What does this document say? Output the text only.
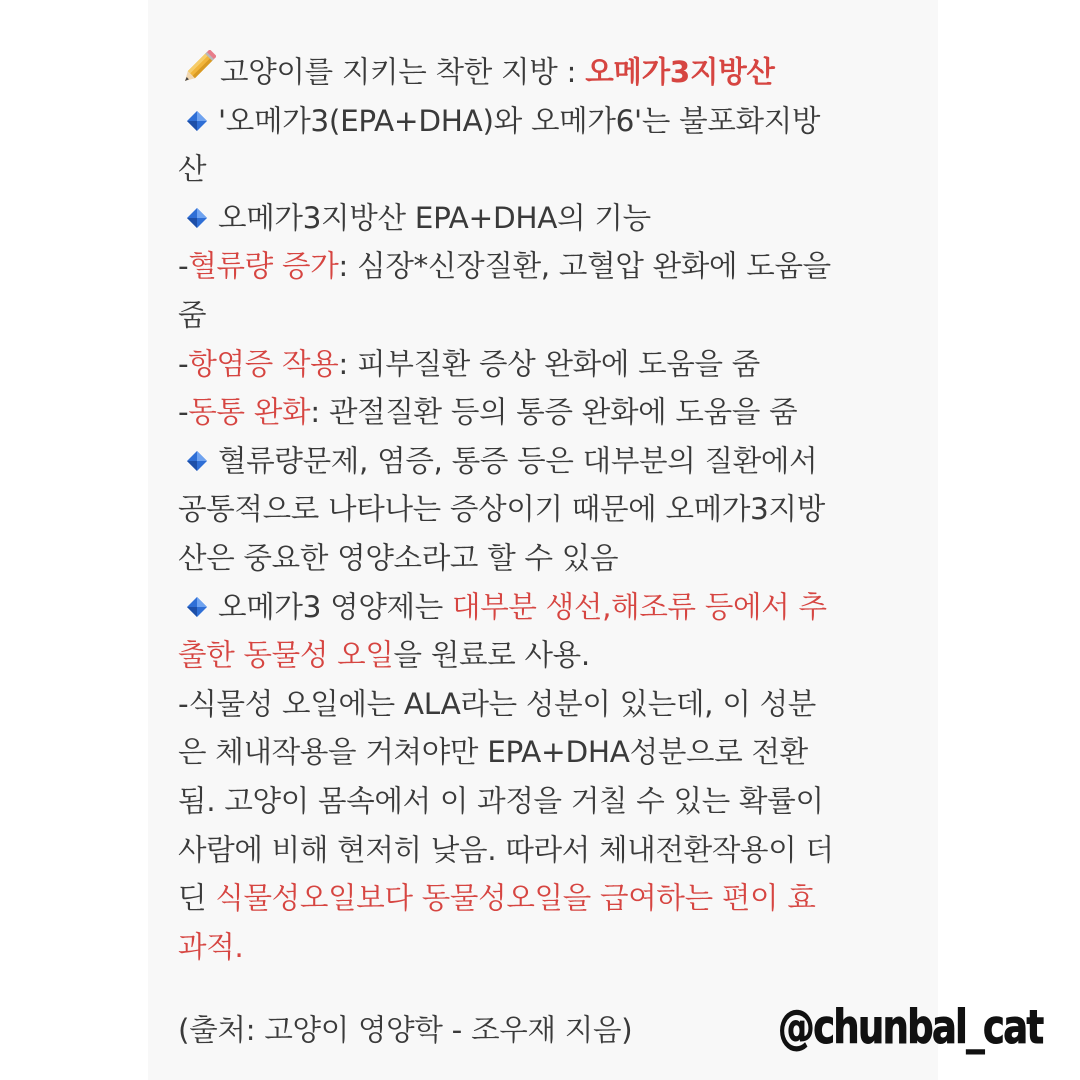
고양이를 지키는 착한 지방 : 오메가3지방산
'오메가3(EPA+DHA)와 오메가6'는 불포화지방
산
오메가3지방산 EPA+DHA의 기능
-혈류량 증가: 심장*신장질환, 고혈압 완화에 도움을
줌
-항염증 작용: 피부질환 증상 완화에 도움을 줌
-동통 완화: 관절질환 등의 통증 완화에 도움을 줌
혈류량문제, 염증, 통증 등은 대부분의 질환에서
공통적으로 나타나는 증상이기 때문에 오메가3지방
산은 중요한 영양소라고 할 수 있음
오메가3 영양제는 대부분 생선,해조류 등에서 추
출한 동물성 오일을 원료로 사용.
-식물성 오일에는 ALA라는 성분이 있는데, 이 성분
은 체내작용을 거쳐야만 EPA+DHA성분으로 전환
됨. 고양이 몸속에서 이 과정을 거칠 수 있는 확률이
사람에 비해 현저히 낮음. 따라서 체내전환작용이 더
딘 식물성오일보다 동물성오일을 급여하는 편이 효
과적.
(출처: 고양이 영양학 - 조우재 지음)	@chunbal_cat
